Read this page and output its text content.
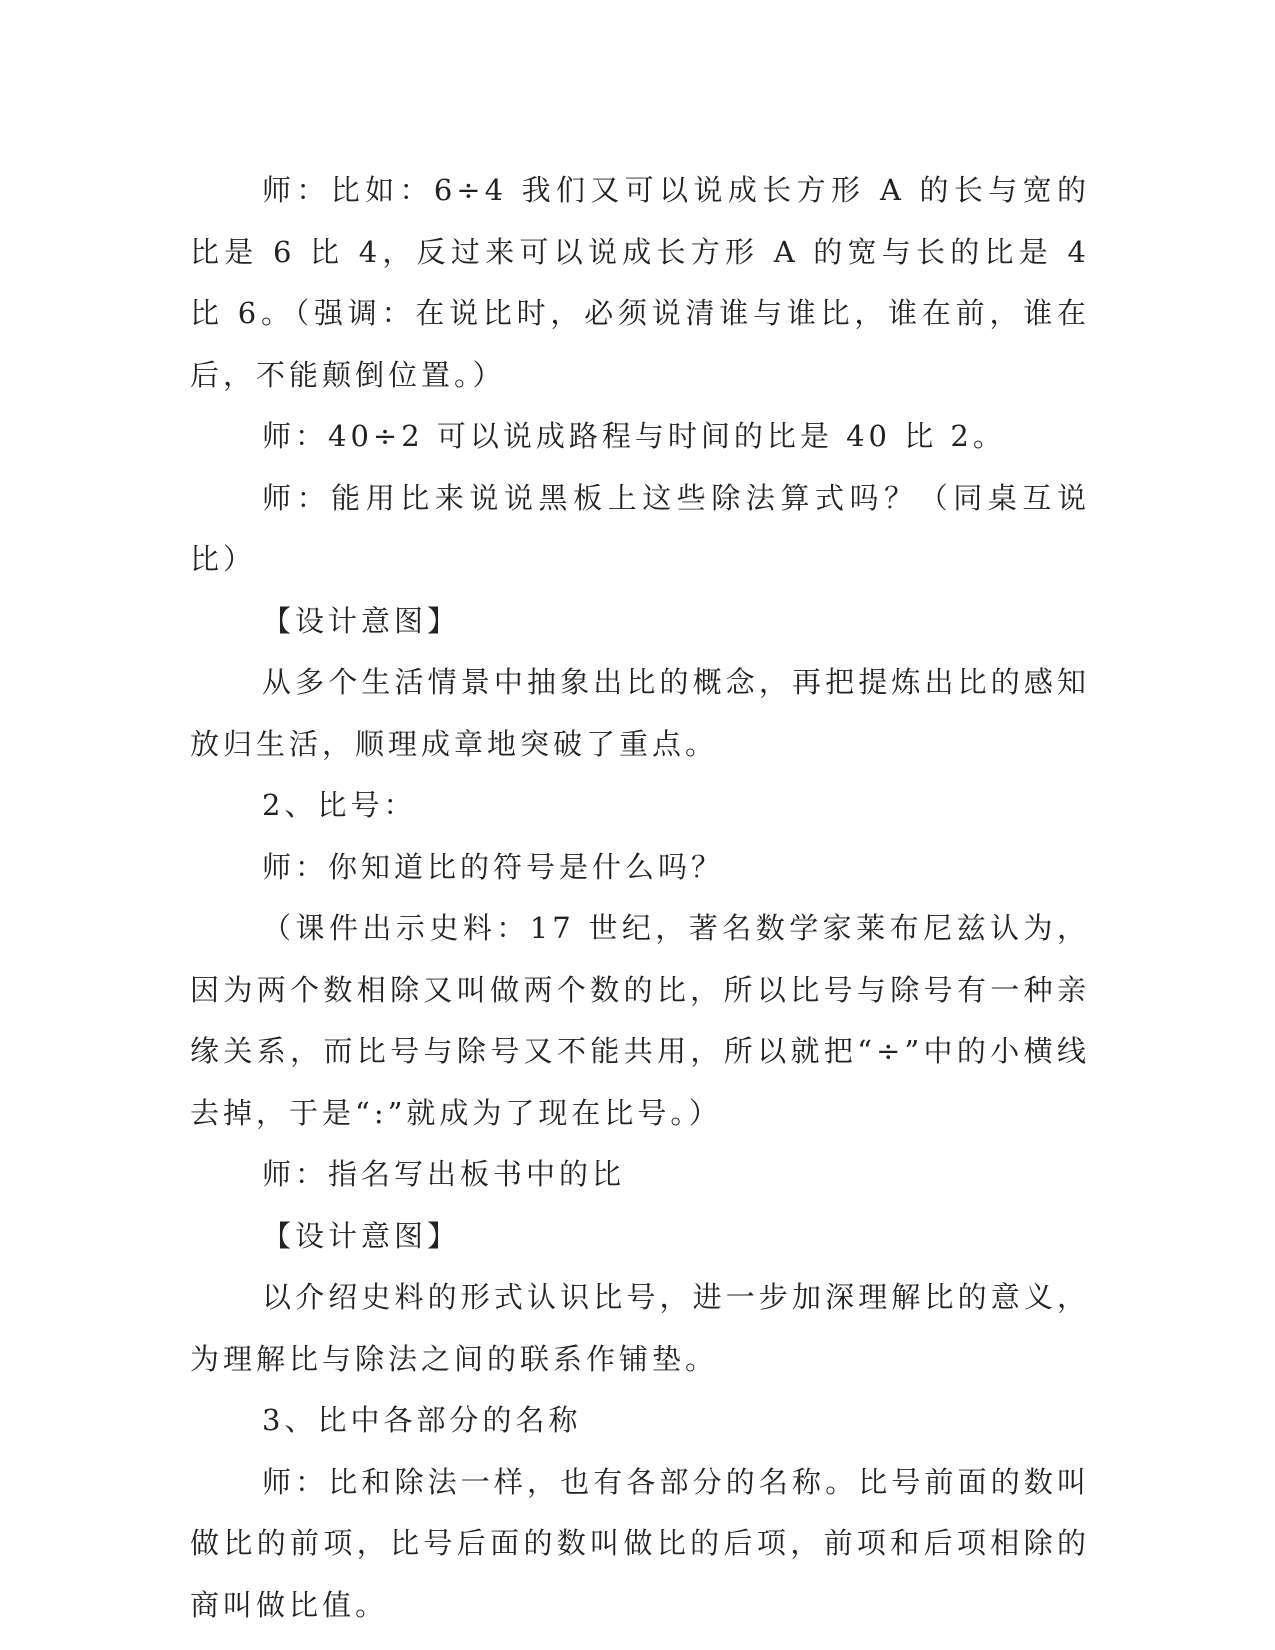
师：比如：6÷4 我们又可以说成长方形 A 的长与宽的比是 6 比 4，反过来可以说成长方形 A 的宽与长的比是 4 比 6。（强调：在说比时，必须说清谁与谁比，谁在前，谁在后，不能颠倒位置。）

师：40÷2 可以说成路程与时间的比是 40 比 2。

师：能用比来说说黑板上这些除法算式吗？（同桌互说比）

【设计意图】

从多个生活情景中抽象出比的概念，再把提炼出比的感知放归生活，顺理成章地突破了重点。

2、比号：

师：你知道比的符号是什么吗？

（课件出示史料：17 世纪，著名数学家莱布尼兹认为，因为两个数相除又叫做两个数的比，所以比号与除号有一种亲缘关系，而比号与除号又不能共用，所以就把“÷”中的小横线去掉，于是“:”就成为了现在比号。）

师：指名写出板书中的比

【设计意图】

以介绍史料的形式认识比号，进一步加深理解比的意义，为理解比与除法之间的联系作铺垫。

3、比中各部分的名称

师：比和除法一样，也有各部分的名称。比号前面的数叫做比的前项，比号后面的数叫做比的后项，前项和后项相除的商叫做比值。
